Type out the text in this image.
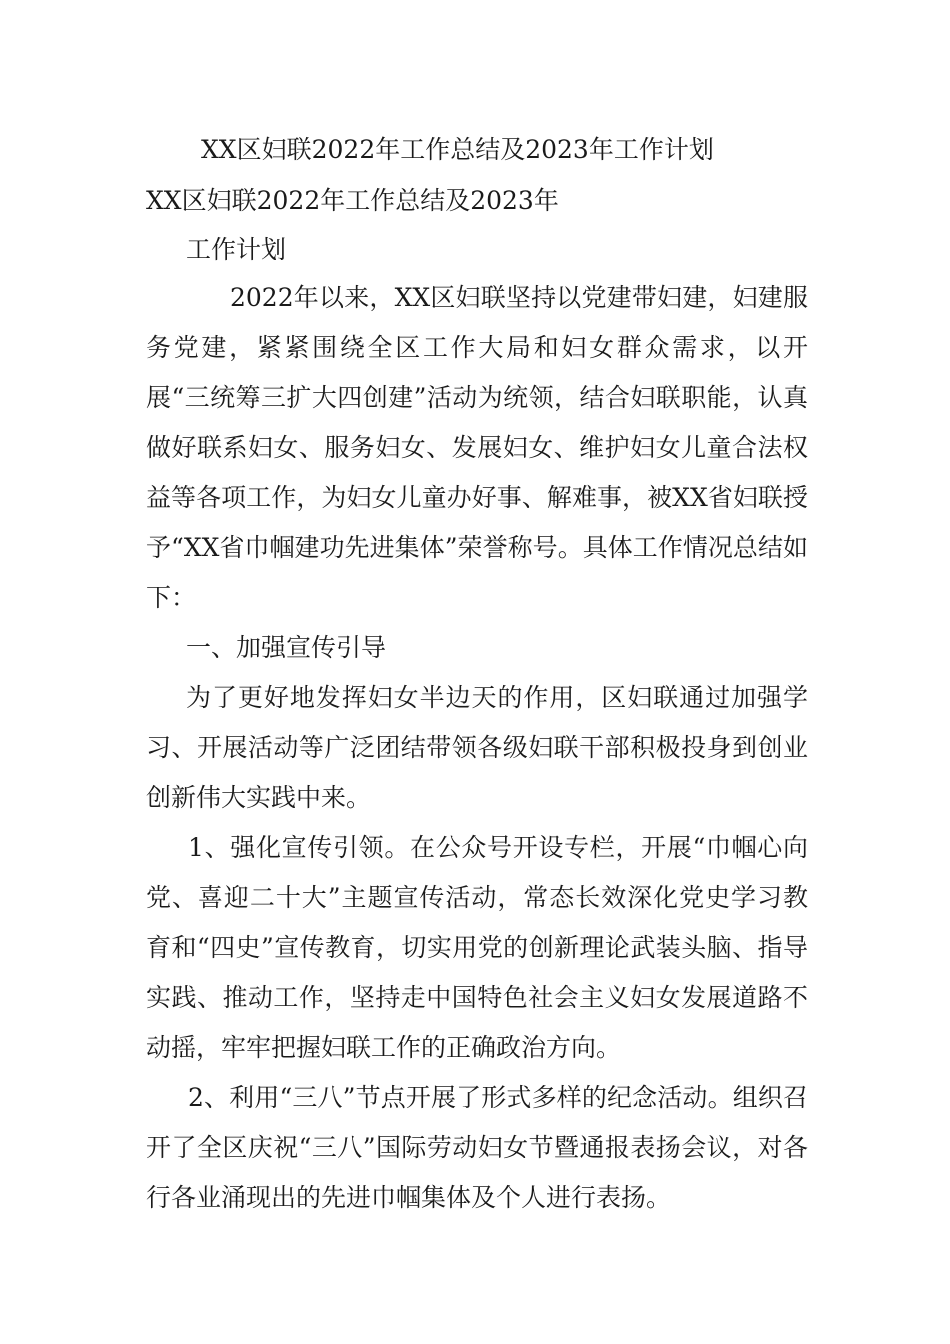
XX区妇联2022年工作总结及2023年工作计划
XX区妇联2022年工作总结及2023年
工作计划

2022年以来，XX区妇联坚持以党建带妇建，妇建服务党建，紧紧围绕全区工作大局和妇女群众需求，以开展“三统筹三扩大四创建”活动为统领，结合妇联职能，认真做好联系妇女、服务妇女、发展妇女、维护妇女儿童合法权益等各项工作，为妇女儿童办好事、解难事，被XX省妇联授予“XX省巾帼建功先进集体”荣誉称号。具体工作情况总结如下：

一、加强宣传引导

为了更好地发挥妇女半边天的作用，区妇联通过加强学习、开展活动等广泛团结带领各级妇联干部积极投身到创业创新伟大实践中来。

1、强化宣传引领。在公众号开设专栏，开展“巾帼心向党、喜迎二十大”主题宣传活动，常态长效深化党史学习教育和“四史”宣传教育，切实用党的创新理论武装头脑、指导实践、推动工作，坚持走中国特色社会主义妇女发展道路不动摇，牢牢把握妇联工作的正确政治方向。

2、利用“三八”节点开展了形式多样的纪念活动。组织召开了全区庆祝“三八”国际劳动妇女节暨通报表扬会议，对各行各业涌现出的先进巾帼集体及个人进行表扬。
